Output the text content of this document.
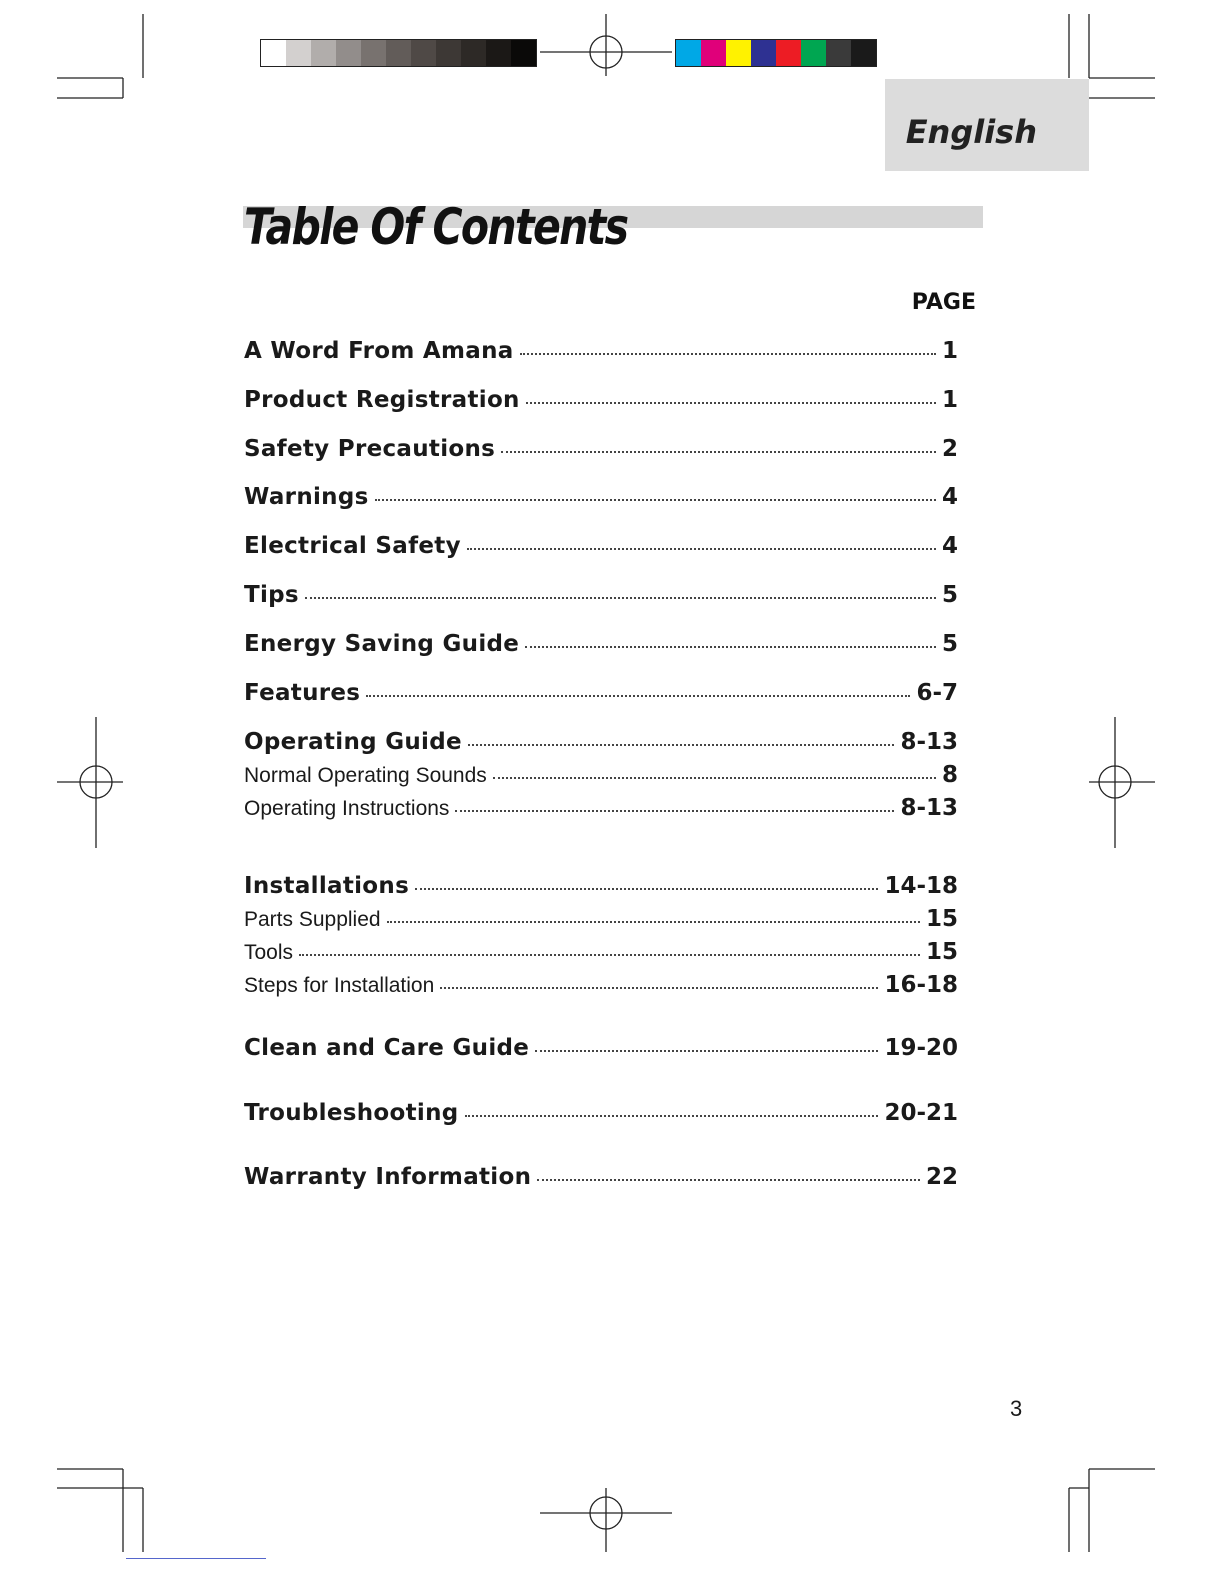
English
Table Of Contents
PAGE
A Word From Amana	1
Product Registration	1
Safety Precautions	2
Warnings	4
Electrical Safety	4
Tips	5
Energy Saving Guide	5
Features	6-7
Operating Guide	8-13
Normal Operating Sounds	8
Operating Instructions	8-13
Installations	14-18
Parts Supplied	15
Tools	15
Steps for Installation	16-18
Clean and Care Guide	19-20
Troubleshooting	20-21
Warranty Information	22
3
